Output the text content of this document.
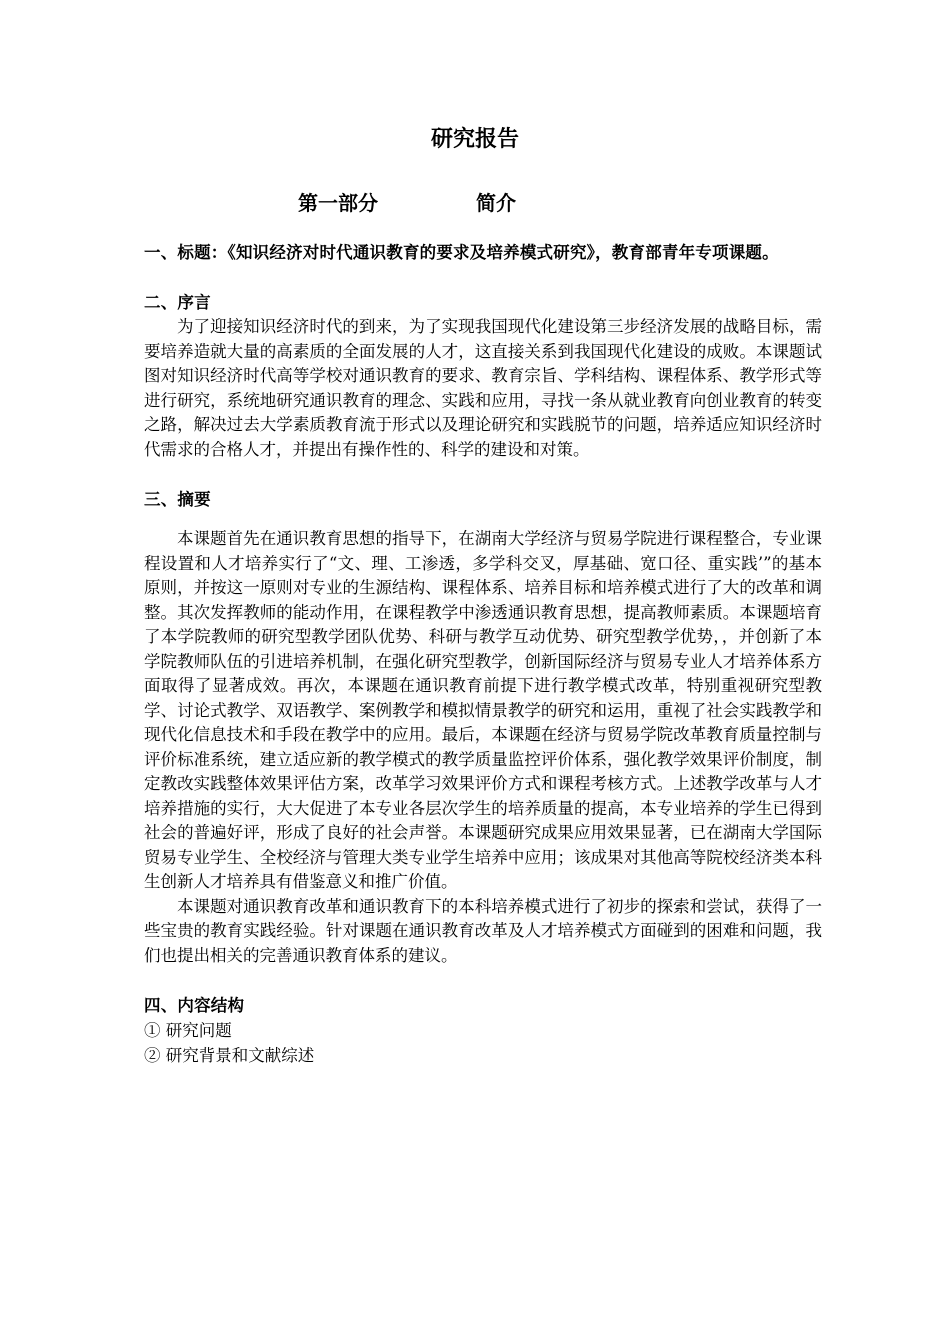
研究报告
第一部分	简介

一、标题：《知识经济对时代通识教育的要求及培养模式研究》，教育部青年专项课题。

二、序言

为了迎接知识经济时代的到来，为了实现我国现代化建设第三步经济发展的战略目标，需要培养造就大量的高素质的全面发展的人才，这直接关系到我国现代化建设的成败。本课题试图对知识经济时代高等学校对通识教育的要求、教育宗旨、学科结构、课程体系、教学形式等进行研究，系统地研究通识教育的理念、实践和应用，寻找一条从就业教育向创业教育的转变之路，解决过去大学素质教育流于形式以及理论研究和实践脱节的问题，培养适应知识经济时代需求的合格人才，并提出有操作性的、科学的建设和对策。

三、摘要

本课题首先在通识教育思想的指导下，在湖南大学经济与贸易学院进行课程整合，专业课程设置和人才培养实行了“文、理、工渗透，多学科交叉，厚基础、宽口径、重实践’”的基本原则，并按这一原则对专业的生源结构、课程体系、培养目标和培养模式进行了大的改革和调整。其次发挥教师的能动作用，在课程教学中渗透通识教育思想，提高教师素质。本课题培育了本学院教师的研究型教学团队优势、科研与教学互动优势、研究型教学优势，，并创新了本学院教师队伍的引进培养机制，在强化研究型教学，创新国际经济与贸易专业人才培养体系方面取得了显著成效。再次，本课题在通识教育前提下进行教学模式改革，特别重视研究型教学、讨论式教学、双语教学、案例教学和模拟情景教学的研究和运用，重视了社会实践教学和现代化信息技术和手段在教学中的应用。最后，本课题在经济与贸易学院改革教育质量控制与评价标准系统，建立适应新的教学模式的教学质量监控评价体系，强化教学效果评价制度，制定教改实践整体效果评估方案，改革学习效果评价方式和课程考核方式。上述教学改革与人才培养措施的实行，大大促进了本专业各层次学生的培养质量的提高，本专业培养的学生已得到社会的普遍好评，形成了良好的社会声誉。本课题研究成果应用效果显著，已在湖南大学国际贸易专业学生、全校经济与管理大类专业学生培养中应用；该成果对其他高等院校经济类本科生创新人才培养具有借鉴意义和推广价值。

本课题对通识教育改革和通识教育下的本科培养模式进行了初步的探索和尝试，获得了一些宝贵的教育实践经验。针对课题在通识教育改革及人才培养模式方面碰到的困难和问题，我们也提出相关的完善通识教育体系的建议。

四、内容结构

① 研究问题

② 研究背景和文献综述
